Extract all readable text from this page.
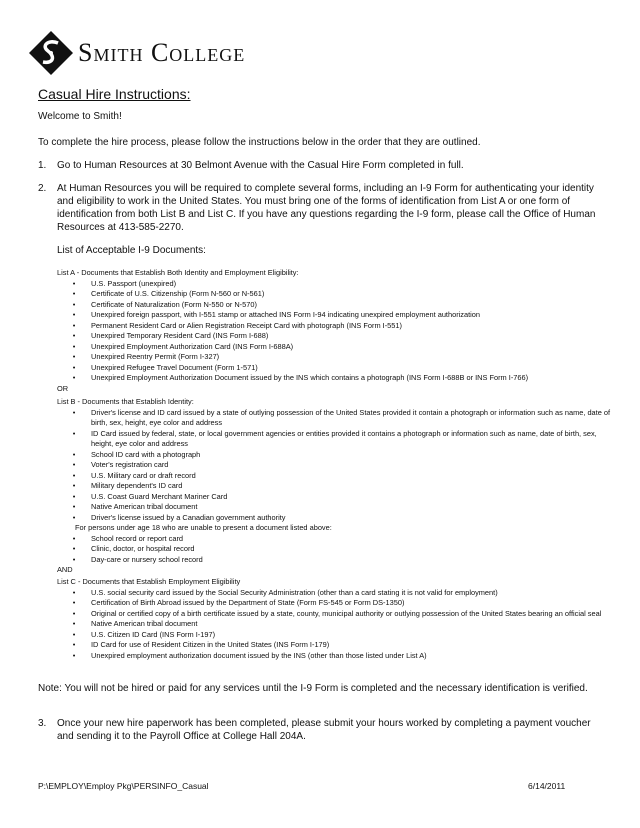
Smith College
Casual Hire Instructions:
Welcome to Smith!
To complete the hire process, please follow the instructions below in the order that they are outlined.
1.	Go to Human Resources at 30 Belmont Avenue with the Casual Hire Form completed in full.
2.	At Human Resources you will be required to complete several forms, including an I-9 Form for authenticating your identity and eligibility to work in the United States. You must bring one of the forms of identification from List A or one form of identification from both List B and List C. If you have any questions regarding the I-9 form, please call the Office of Human Resources at 413-585-2270.
List of Acceptable I-9 Documents:
List A - Documents that Establish Both Identity and Employment Eligibility:
•	U.S. Passport (unexpired)
•	Certificate of U.S. Citizenship (Form N-560 or N-561)
•	Certificate of Naturalization (Form N-550 or N-570)
•	Unexpired foreign passport, with I-551 stamp or attached INS Form I-94 indicating unexpired employment authorization
•	Permanent Resident Card or Alien Registration Receipt Card with photograph (INS Form I-551)
•	Unexpired Temporary Resident Card (INS Form I-688)
•	Unexpired Employment Authorization Card (INS Form I-688A)
•	Unexpired Reentry Permit (Form I-327)
•	Unexpired Refugee Travel Document (Form 1-571)
•	Unexpired Employment Authorization Document issued by the INS which contains a photograph (INS Form I-688B or INS Form I-766)
OR
List B - Documents that Establish Identity:
•	Driver's license and ID card issued by a state of outlying possession of the United States provided it contain a photograph or information such as name, date of birth, sex, height, eye color and address
•	ID Card issued by federal, state, or local government agencies or entities provided it contains a photograph or information such as name, date of birth, sex, height, eye color and address
•	School ID card with a photograph
•	Voter's registration card
•	U.S. Military card or draft record
•	Military dependent's ID card
•	U.S. Coast Guard Merchant Mariner Card
•	Native American tribal document
•	Driver's license issued by a Canadian government authority
For persons under age 18 who are unable to present a document listed above:
•	School record or report card
•	Clinic, doctor, or hospital record
•	Day-care or nursery school record
AND
List C - Documents that Establish Employment Eligibility
•	U.S. social security card issued by the Social Security Administration (other than a card stating it is not valid for employment)
•	Certification of Birth Abroad issued by the Department of State (Form FS-545 or Form DS-1350)
•	Original or certified copy of a birth certificate issued by a state, county, municipal authority or outlying possession of the United States bearing an official seal
•	Native American tribal document
•	U.S. Citizen ID Card (INS Form I-197)
•	ID Card for use of Resident Citizen in the United States (INS Form I-179)
•	Unexpired employment authorization document issued by the INS (other than those listed under List A)
Note: You will not be hired or paid for any services until the I-9 Form is completed and the necessary identification is verified.
3.	Once your new hire paperwork has been completed, please submit your hours worked by completing a payment voucher and sending it to the Payroll Office at College Hall 204A.
P:\EMPLOY\Employ Pkg\PERSINFO_Casual	6/14/2011
